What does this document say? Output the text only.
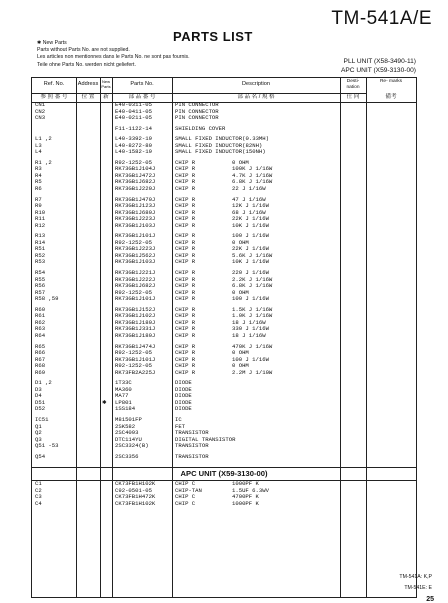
TM-541A/E
PARTS LIST
✱ New Parts
Parts without Parts No. are not supplied.
Les articles non mentionnes dans le Parts No. ne sont pas fournis.
Teile ohne Parts No. werden nicht geliefert.	PLL UNIT (X58-3490-11)
APC UNIT (X59-3130-00)
Ref. No.
参 照 番 号
Address
位 置
New Parts
新
Parts No.
部 品 番 号
Description
部 品 名 / 規 格
Desti- nation
仕 向
Re- marks
備考
CN1	E40-0311-05	PIN CONNECTOR
CN2	E40-0411-05	PIN CONNECTOR
CN3	E40-0211-05	PIN CONNECTOR
F11-1122-14	SHIELDING COVER
L1 ,2	L40-3392-19	SMALL FIXED INDUCTOR(0.33MH)
L3	L40-8272-80	SMALL FIXED INDUCTOR(82NH)
L4	L40-1582-19	SMALL FIXED INDUCTOR(150NH)
R1 ,2	R92-1252-05	CHIP R	0 OHM
R3	RK73GB1J104J	CHIP R	100K J 1/16W
R4	RK73GB1J472J	CHIP R	4.7K J 1/16W
R5	RK73GB1J682J	CHIP R	6.8K J 1/16W
R6	RK73GB1J220J	CHIP R	22 J 1/16W
R7	RK73GB1J470J	CHIP R	47 J 1/16W
R9	RK73GB1J123J	CHIP R	12K J 1/16W
R10	RK73GB1J680J	CHIP R	68 J 1/16W
R11	RK73GB1J223J	CHIP R	22K J 1/16W
R12	RK73GB1J103J	CHIP R	10K J 1/16W
R13	RK73GB1J101J	CHIP R	100 J 1/16W
R14	R92-1252-05	CHIP R	0 OHM
R51	RK73GB1J223J	CHIP R	22K J 1/16W
R52	RK73GB1J562J	CHIP R	5.6K J 1/16W
R53	RK73GB1J103J	CHIP R	10K J 1/16W
R54	RK73GB1J221J	CHIP R	220 J 1/16W
R55	RK73GB1J222J	CHIP R	2.2K J 1/16W
R56	RK73GB1J682J	CHIP R	6.8K J 1/16W
R57	R92-1252-05	CHIP R	0 OHM
R58 ,59	RK73GB1J101J	CHIP R	100 J 1/16W
R60	RK73GB1J152J	CHIP R	1.5K J 1/16W
R61	RK73GB1J102J	CHIP R	1.0K J 1/16W
R62	RK73GB1J180J	CHIP R	18 J 1/16W
R63	RK73GB1J331J	CHIP R	330 J 1/16W
R64	RK73GB1J180J	CHIP R	18 J 1/16W
R65	RK73GB1J474J	CHIP R	470K J 1/16W
R66	R92-1252-05	CHIP R	0 OHM
R67	RK73GB1J101J	CHIP R	100 J 1/16W
R68	R92-1252-05	CHIP R	0 OHM
R69	RK73FB2A225J	CHIP R	2.2M J 1/10W
D1 ,2	1T33C	DIODE
D3	MA360	DIODE
D4	MA77	DIODE
D51	✱ LP801	DIODE
D52	1SS184	DIODE
IC51	M81501FP	IC
Q1	2SK582	FET
Q2	2SC4093	TRANSISTOR
Q3	DTC114YU	DIGITAL TRANSISTOR
Q51 -53	2SC3324(B)	TRANSISTOR
Q54	2SC3356	TRANSISTOR
APC UNIT (X59-3130-00)
C1	CK73FB1H102K	CHIP C	1000PF K
C2	C92-0501-05	CHIP-TAN	1.5UF 6.3WV
C3	CK73FB1H472K	CHIP C	4700PF K
C4	CK73FB1H102K	CHIP C	1000PF K
TM-541A: K,P
TM-541E: E
25
